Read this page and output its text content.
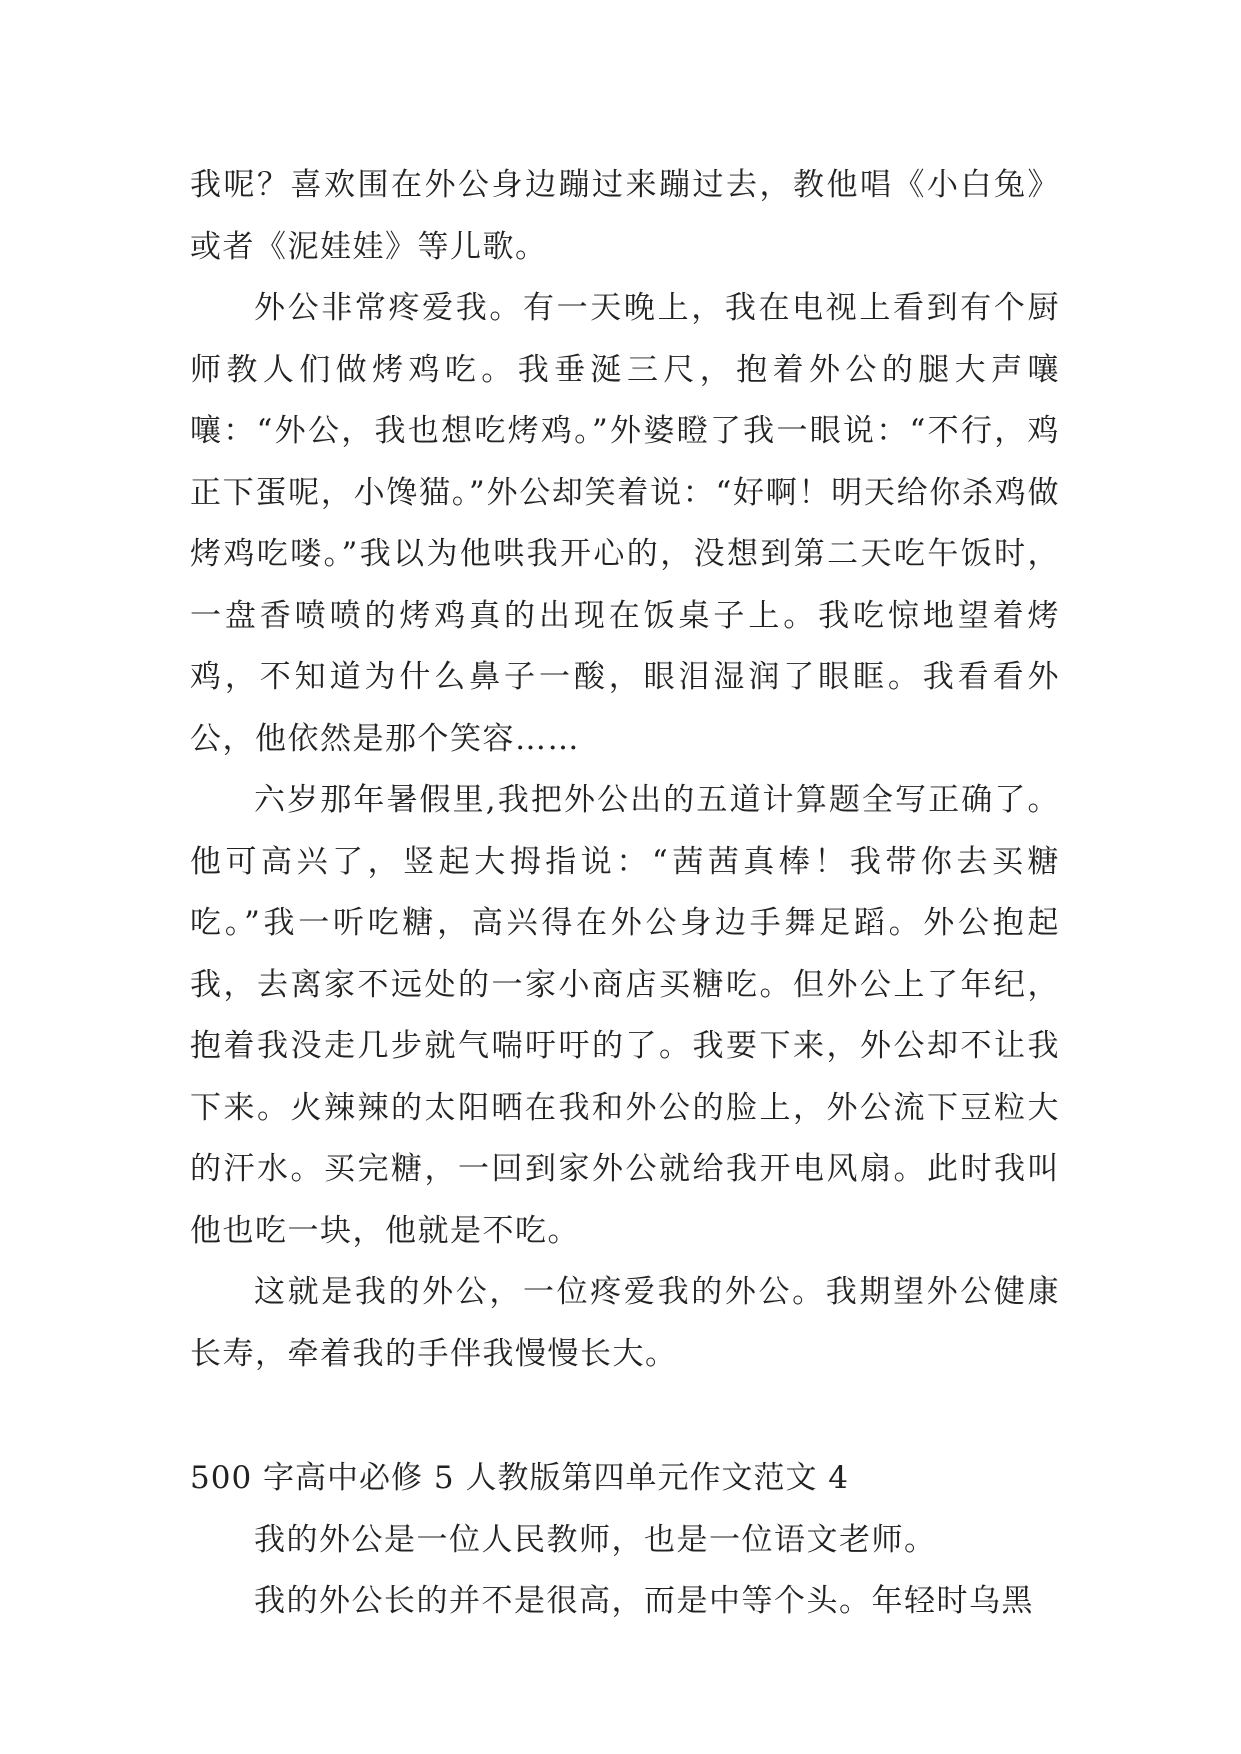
我呢？喜欢围在外公身边蹦过来蹦过去，教他唱《小白兔》或者《泥娃娃》等儿歌。

外公非常疼爱我。有一天晚上，我在电视上看到有个厨师教人们做烤鸡吃。我垂涎三尺，抱着外公的腿大声嚷嚷：“外公，我也想吃烤鸡。”外婆瞪了我一眼说：“不行，鸡正下蛋呢，小馋猫。”外公却笑着说：“好啊！明天给你杀鸡做烤鸡吃喽。”我以为他哄我开心的，没想到第二天吃午饭时，一盘香喷喷的烤鸡真的出现在饭桌子上。我吃惊地望着烤鸡，不知道为什么鼻子一酸，眼泪湿润了眼眶。我看看外公，他依然是那个笑容……

六岁那年暑假里,我把外公出的五道计算题全写正确了。他可高兴了，竖起大拇指说：“茜茜真棒！我带你去买糖吃。”我一听吃糖，高兴得在外公身边手舞足蹈。外公抱起我，去离家不远处的一家小商店买糖吃。但外公上了年纪，抱着我没走几步就气喘吁吁的了。我要下来，外公却不让我下来。火辣辣的太阳晒在我和外公的脸上，外公流下豆粒大的汗水。买完糖，一回到家外公就给我开电风扇。此时我叫他也吃一块，他就是不吃。

这就是我的外公，一位疼爱我的外公。我期望外公健康长寿，牵着我的手伴我慢慢长大。

500 字高中必修 5 人教版第四单元作文范文 4

我的外公是一位人民教师，也是一位语文老师。

我的外公长的并不是很高，而是中等个头。年轻时乌黑
